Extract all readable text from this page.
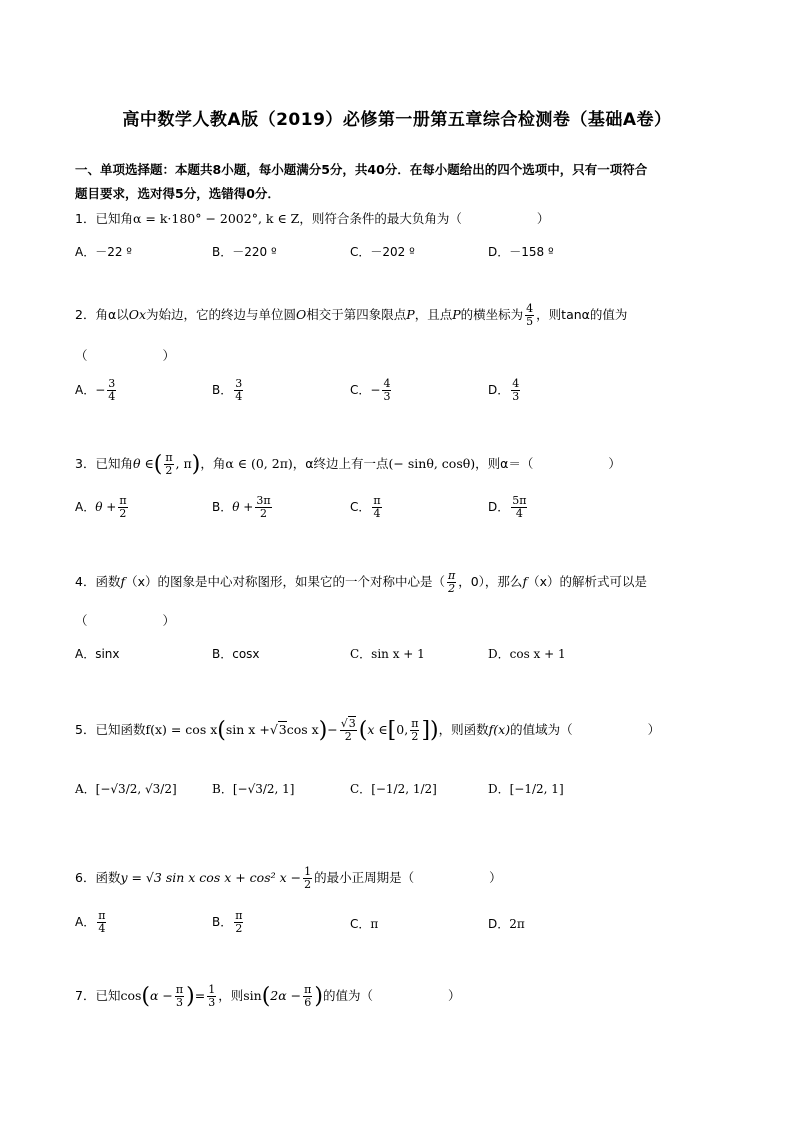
高中数学人教A版（2019）必修第一册第五章综合检测卷（基础A卷）
一、单项选择题：本题共8小题，每小题满分5分，共40分．在每小题给出的四个选项中，只有一项符合
题目要求，选对得5分，选错得0分．
1．已知角α = k·180° − 2002°, k ∈ Z，则符合条件的最大负角为（　　　　　　）
A．－22 º	B．－220 º	C．－202 º	D．－158 º
2．角α以Ox为始边，它的终边与单位圆O相交于第四象限点P，且点P的横坐标为 $\frac{4}{5}$ ，则tanα的值为
（　　　　　　）
A．− $\frac{3}{4}$	B． $\frac{3}{4}$	C．− $\frac{4}{3}$	D． $\frac{4}{3}$
3．已知角θ ∈( $\frac{\pi}{2}$ , π)，角α ∈ (0, 2π)，α终边上有一点(− sinθ, cosθ)，则α＝（　　　　　　）
A．$\theta + \frac{\pi}{2}$	B．$\theta + \frac{3\pi}{2}$	C． $\frac{\pi}{4}$	D． $\frac{5\pi}{4}$
4．函数f（x）的图象是中心对称图形，如果它的一个对称中心是（ $\frac{\pi}{2}$ ，0），那么f（x）的解析式可以是
（　　　　　　）
A．sinx	B．cosx	C．sin x + 1	D．cos x + 1
5．已知函数f(x) = cos x(sin x +√3cos $x)- \frac{√3}{2} (x$ ∈[0, $\frac{\pi}{2}$ ])，则函数f(x)的值域为（　　　　　　）
A．[−√3/2, √3/2]	B．[−√3/2, 1]	C．[−1/2, 1/2]	D．[−1/2, 1]
6．函数y = √3 sin x cos x + cos² $x - \frac{1}{2}$ 的最小正周期是（　　　　　　）
A． $\frac{\pi}{4}$	B． $\frac{\pi}{2}$	C．π	D．2π
7．已知$\cos(\alpha - \frac{\pi}{3}$ )= $\frac{1}{3}$ ，则$\sin(2\alpha - \frac{\pi}{6}$ )的值为（　　　　　　）
